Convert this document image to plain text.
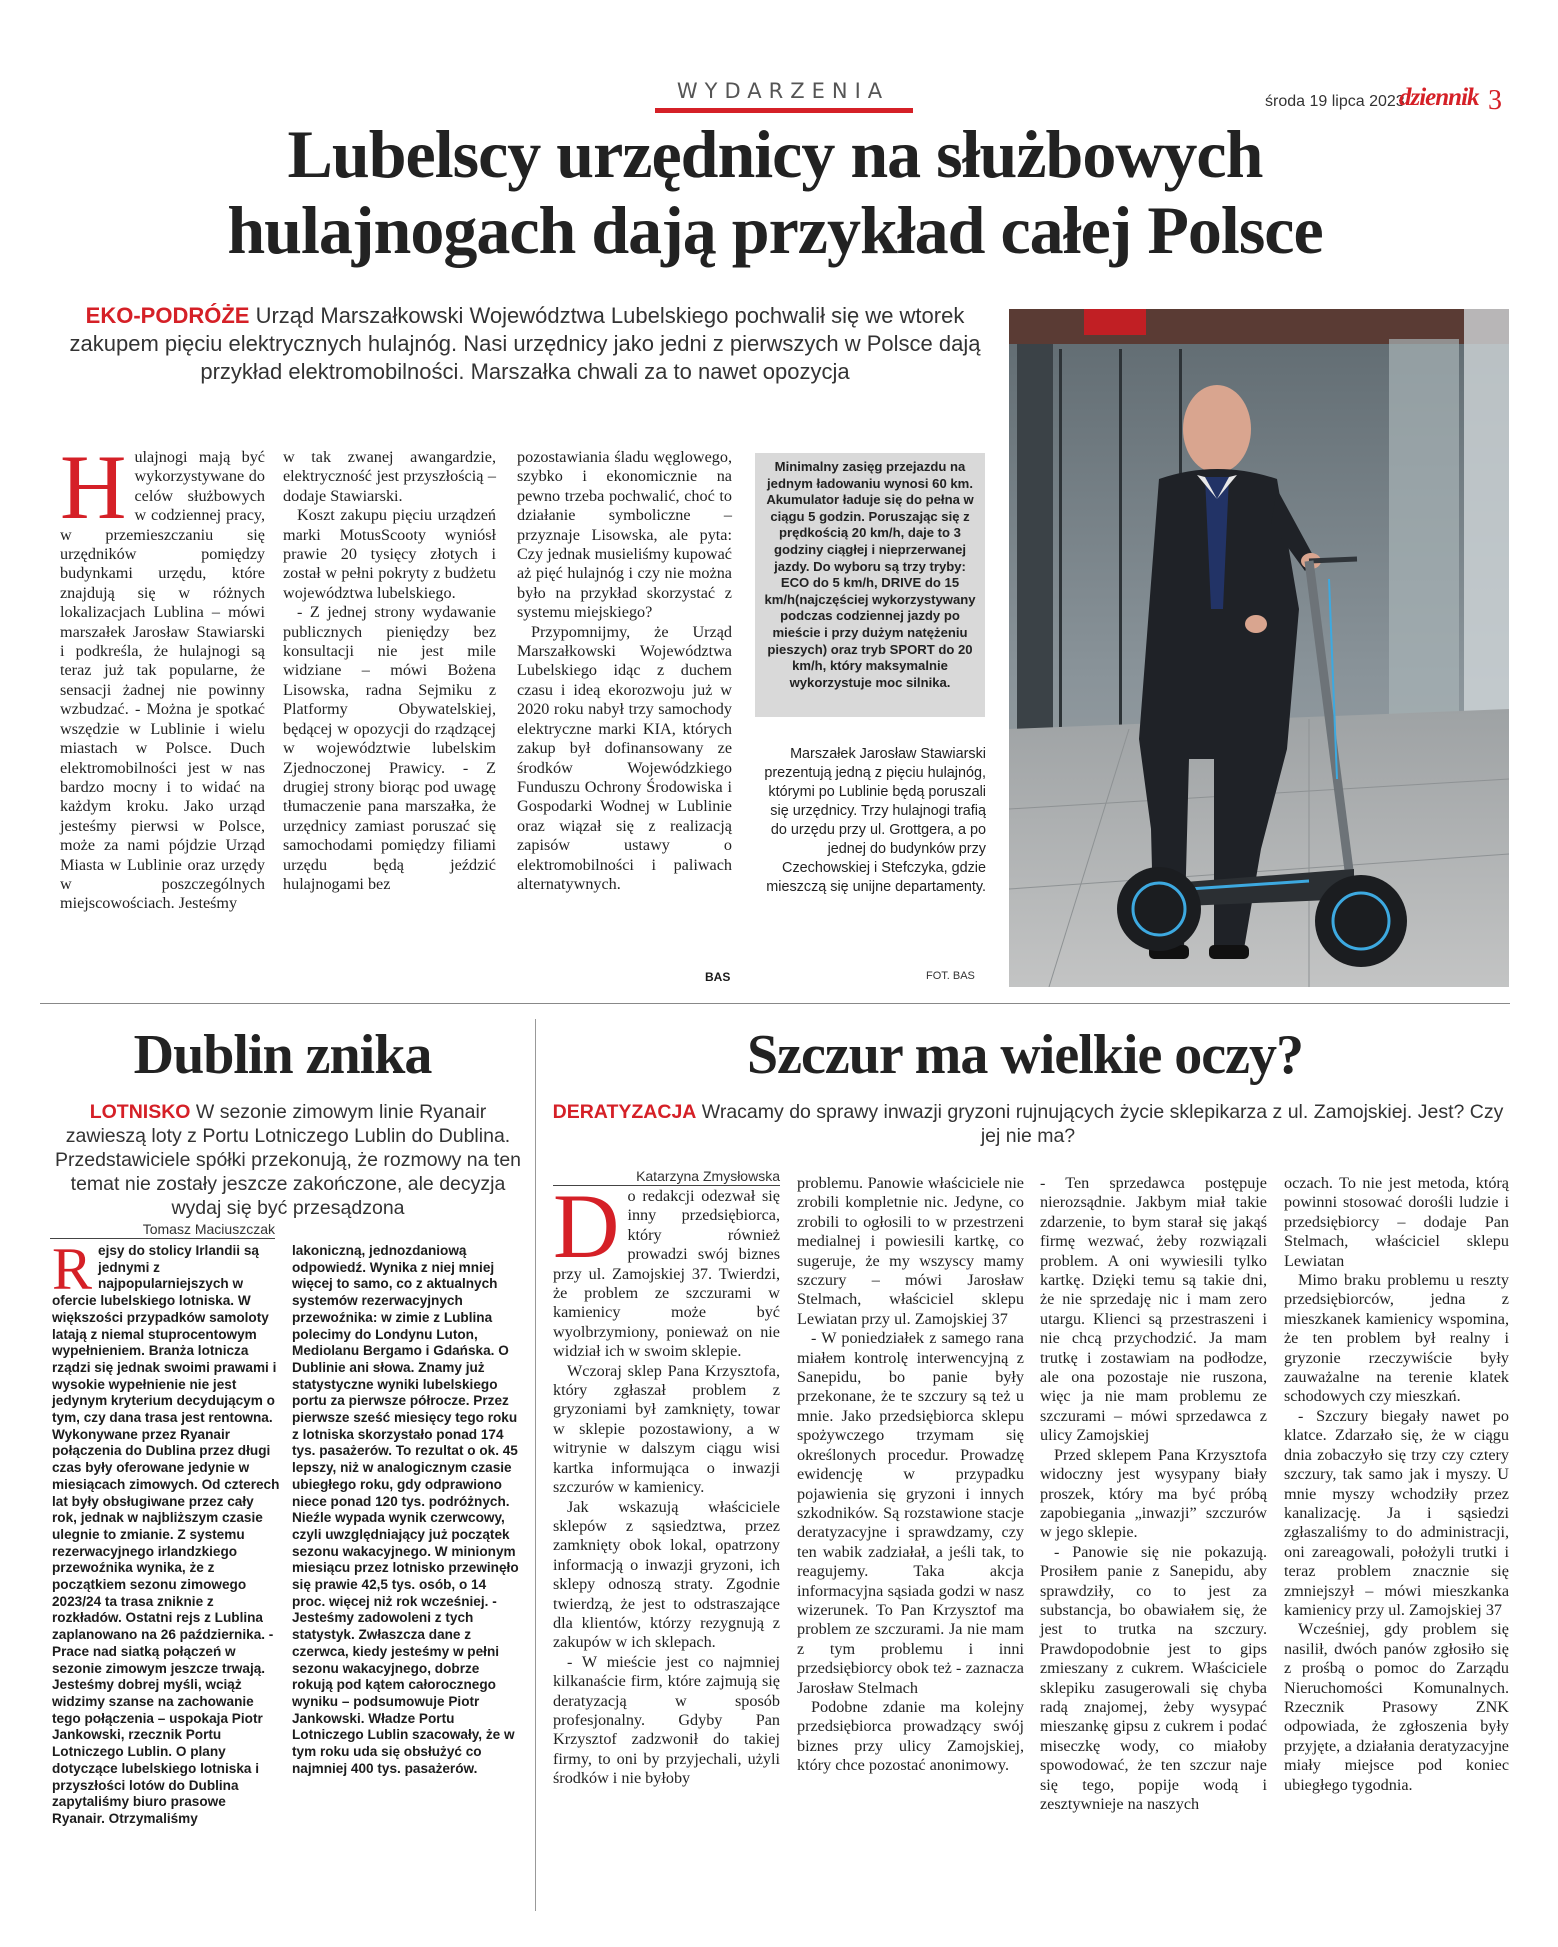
WYDARZENIA	środa 19 lipca 2023
dziennik 3
Lubelscy urzędnicy na służbowych
hulajnogach dają przykład całej Polsce
EKO-PODRÓŻE Urząd Marszałkowski Województwa Lubelskiego pochwalił się we wtorek zakupem pięciu elektrycznych hulajnóg. Nasi urzędnicy jako jedni z pierwszych w Polsce dają przykład elektromobilności. Marszałka chwali za to nawet opozycja

Hulajnogi mają być wykorzystywane do celów służbowych w codziennej pracy, w przemieszczaniu się urzędników pomiędzy budynkami urzędu, które znajdują się w różnych lokalizacjach Lublina – mówi marszałek Jarosław Stawiarski i podkreśla, że hulajnogi są teraz już tak popularne, że sensacji żadnej nie powinny wzbudzać. - Można je spotkać wszędzie w Lublinie i wielu miastach w Polsce. Duch elektromobilności jest w nas bardzo mocny i to widać na każdym kroku. Jako urząd jesteśmy pierwsi w Polsce, może za nami pójdzie Urząd Miasta w Lublinie oraz urzędy w poszczególnych miejscowościach. Jesteśmy

w tak zwanej awangardzie, elektryczność jest przyszłością – dodaje Stawiarski.

Koszt zakupu pięciu urządzeń marki MotusScooty wyniósł prawie 20 tysięcy złotych i został w pełni pokryty z budżetu województwa lubelskiego.

- Z jednej strony wydawanie publicznych pieniędzy bez konsultacji nie jest mile widziane – mówi Bożena Lisowska, radna Sejmiku z Platformy Obywatelskiej, będącej w opozycji do rządzącej w województwie lubelskim Zjednoczonej Prawicy. - Z drugiej strony biorąc pod uwagę tłumaczenie pana marszałka, że urzędnicy zamiast poruszać się samochodami pomiędzy filiami urzędu będą jeździć hulajnogami bez

pozostawiania śladu węglowego, szybko i ekonomicznie na pewno trzeba pochwalić, choć to działanie symboliczne – przyznaje Lisowska, ale pyta: Czy jednak musieliśmy kupować aż pięć hulajnóg i czy nie można było na przykład skorzystać z systemu miejskiego?

Przypomnijmy, że Urząd Marszałkowski Województwa Lubelskiego idąc z duchem czasu i ideą ekorozwoju już w 2020 roku nabył trzy samochody elektryczne marki KIA, których zakup był dofinansowany ze środków Wojewódzkiego Funduszu Ochrony Środowiska i Gospodarki Wodnej w Lublinie oraz wiązał się z realizacją zapisów ustawy o elektromobilności i paliwach alternatywnych.

BAS
Minimalny zasięg przejazdu na jednym ładowaniu wynosi 60 km. Akumulator ładuje się do pełna w ciągu 5 godzin. Poruszając się z prędkością 20 km/h, daje to 3 godziny ciągłej i nieprzerwanej jazdy. Do wyboru są trzy tryby: ECO do 5 km/h, DRIVE do 15 km/h(najczęściej wykorzystywany podczas codziennej jazdy po mieście i przy dużym natężeniu pieszych) oraz tryb SPORT do 20 km/h, który maksymalnie wykorzystuje moc silnika.
Marszałek Jarosław Stawiarski prezentują jedną z pięciu hulajnóg, którymi po Lublinie będą poruszali się urzędnicy. Trzy hulajnogi trafią do urzędu przy ul. Grottgera, a po jednej do budynków przy Czechowskiej i Stefczyka, gdzie mieszczą się unijne departamenty.
FOT. BAS
Dublin znika
LOTNISKO W sezonie zimowym linie Ryanair zawieszą loty z Portu Lotniczego Lublin do Dublina. Przedstawiciele spółki przekonują, że rozmowy na ten temat nie zostały jeszcze zakończone, ale decyzja wydaj się być przesądzona
Tomasz Maciuszczak

Rejsy do stolicy Irlandii są jednymi z najpopularniejszych w ofercie lubelskiego lotniska. W większości przypadków samoloty latają z niemal stuprocentowym wypełnieniem. Branża lotnicza rządzi się jednak swoimi prawami i wysokie wypełnienie nie jest jedynym kryterium decydującym o tym, czy dana trasa jest rentowna. Wykonywane przez Ryanair połączenia do Dublina przez długi czas były oferowane jedynie w miesiącach zimowych. Od czterech lat były obsługiwane przez cały rok, jednak w najbliższym czasie ulegnie to zmianie. Z systemu rezerwacyjnego irlandzkiego przewoźnika wynika, że z początkiem sezonu zimowego 2023/24 ta trasa zniknie z rozkładów. Ostatni rejs z Lublina zaplanowano na 26 października. - Prace nad siatką połączeń w sezonie zimowym jeszcze trwają. Jesteśmy dobrej myśli, wciąż widzimy szanse na zachowanie tego połączenia – uspokaja Piotr Jankowski, rzecznik Portu Lotniczego Lublin. O plany dotyczące lubelskiego lotniska i przyszłości lotów do Dublina zapytaliśmy biuro prasowe Ryanair. Otrzymaliśmy

lakoniczną, jednozdaniową odpowiedź. Wynika z niej mniej więcej to samo, co z aktualnych systemów rezerwacyjnych przewoźnika: w zimie z Lublina polecimy do Londynu Luton, Mediolanu Bergamo i Gdańska. O Dublinie ani słowa. Znamy już statystyczne wyniki lubelskiego portu za pierwsze półrocze. Przez pierwsze sześć miesięcy tego roku z lotniska skorzystało ponad 174 tys. pasażerów. To rezultat o ok. 45 lepszy, niż w analogicznym czasie ubiegłego roku, gdy odprawiono niece ponad 120 tys. podróżnych. Nieźle wypada wynik czerwcowy, czyli uwzględniający już początek sezonu wakacyjnego. W minionym miesiącu przez lotnisko przewinęło się prawie 42,5 tys. osób, o 14 proc. więcej niż rok wcześniej. - Jesteśmy zadowoleni z tych statystyk. Zwłaszcza dane z czerwca, kiedy jesteśmy w pełni sezonu wakacyjnego, dobrze rokują pod kątem całorocznego wyniku – podsumowuje Piotr Jankowski. Władze Portu Lotniczego Lublin szacowały, że w tym roku uda się obsłużyć co najmniej 400 tys. pasażerów.

Szczur ma wielkie oczy?
DERATYZACJA Wracamy do sprawy inwazji gryzoni rujnujących życie sklepikarza z ul. Zamojskiej. Jest? Czy jej nie ma?
Katarzyna Zmysłowska

Do redakcji odezwał się inny przedsiębiorca, który również prowadzi swój biznes przy ul. Zamojskiej 37. Twierdzi, że problem ze szczurami w kamienicy może być wyolbrzymiony, ponieważ on nie widział ich w swoim sklepie.

Wczoraj sklep Pana Krzysztofa, który zgłaszał problem z gryzoniami był zamknięty, towar w sklepie pozostawiony, a w witrynie w dalszym ciągu wisi kartka informująca o inwazji szczurów w kamienicy.

Jak wskazują właściciele sklepów z sąsiedztwa, przez zamknięty obok lokal, opatrzony informacją o inwazji gryzoni, ich sklepy odnoszą straty. Zgodnie twierdzą, że jest to odstraszające dla klientów, którzy rezygnują z zakupów w ich sklepach.

- W mieście jest co najmniej kilkanaście firm, które zajmują się deratyzacją w sposób profesjonalny. Gdyby Pan Krzysztof zadzwonił do takiej firmy, to oni by przyjechali, użyli środków i nie byłoby

problemu. Panowie właściciele nie zrobili kompletnie nic. Jedyne, co zrobili to ogłosili to w przestrzeni medialnej i powiesili kartkę, co sugeruje, że my wszyscy mamy szczury – mówi Jarosław Stelmach, właściciel sklepu Lewiatan przy ul. Zamojskiej 37

- W poniedziałek z samego rana miałem kontrolę interwencyjną z Sanepidu, bo panie były przekonane, że te szczury są też u mnie. Jako przedsiębiorca sklepu spożywczego trzymam się określonych procedur. Prowadzę ewidencję w przypadku pojawienia się gryzoni i innych szkodników. Są rozstawione stacje deratyzacyjne i sprawdzamy, czy ten wabik zadziałał, a jeśli tak, to reagujemy. Taka akcja informacyjna sąsiada godzi w nasz wizerunek. To Pan Krzysztof ma problem ze szczurami. Ja nie mam z tym problemu i inni przedsiębiorcy obok też - zaznacza Jarosław Stelmach

Podobne zdanie ma kolejny przedsiębiorca prowadzący swój biznes przy ulicy Zamojskiej, który chce pozostać anonimowy.

- Ten sprzedawca postępuje nierozsądnie. Jakbym miał takie zdarzenie, to bym starał się jakąś firmę wezwać, żeby rozwiązali problem. A oni wywiesili tylko kartkę. Dzięki temu są takie dni, że nie sprzedaję nic i mam zero utargu. Klienci są przestraszeni i nie chcą przychodzić. Ja mam trutkę i zostawiam na podłodze, ale ona pozostaje nie ruszona, więc ja nie mam problemu ze szczurami – mówi sprzedawca z ulicy Zamojskiej

Przed sklepem Pana Krzysztofa widoczny jest wysypany biały proszek, który ma być próbą zapobiegania „inwazji” szczurów w jego sklepie.

- Panowie się nie pokazują. Prosiłem panie z Sanepidu, aby sprawdziły, co to jest za substancja, bo obawiałem się, że jest to trutka na szczury. Prawdopodobnie jest to gips zmieszany z cukrem. Właściciele sklepiku zasugerowali się chyba radą znajomej, żeby wysypać mieszankę gipsu z cukrem i podać miseczkę wody, co miałoby spowodować, że ten szczur naje się tego, popije wodą i zesztywnieje na naszych

oczach. To nie jest metoda, którą powinni stosować dorośli ludzie i przedsiębiorcy – dodaje Pan Stelmach, właściciel sklepu Lewiatan

Mimo braku problemu u reszty przedsiębiorców, jedna z mieszkanek kamienicy wspomina, że ten problem był realny i gryzonie rzeczywiście były zauważalne na terenie klatek schodowych czy mieszkań.

- Szczury biegały nawet po klatce. Zdarzało się, że w ciągu dnia zobaczyło się trzy czy cztery szczury, tak samo jak i myszy. U mnie myszy wchodziły przez kanalizację. Ja i sąsiedzi zgłaszaliśmy to do administracji, oni zareagowali, położyli trutki i teraz problem znacznie się zmniejszył – mówi mieszkanka kamienicy przy ul. Zamojskiej 37

Wcześniej, gdy problem się nasilił, dwóch panów zgłosiło się z prośbą o pomoc do Zarządu Nieruchomości Komunalnych. Rzecznik Prasowy ZNK odpowiada, że zgłoszenia były przyjęte, a działania deratyzacyjne miały miejsce pod koniec ubiegłego tygodnia.
